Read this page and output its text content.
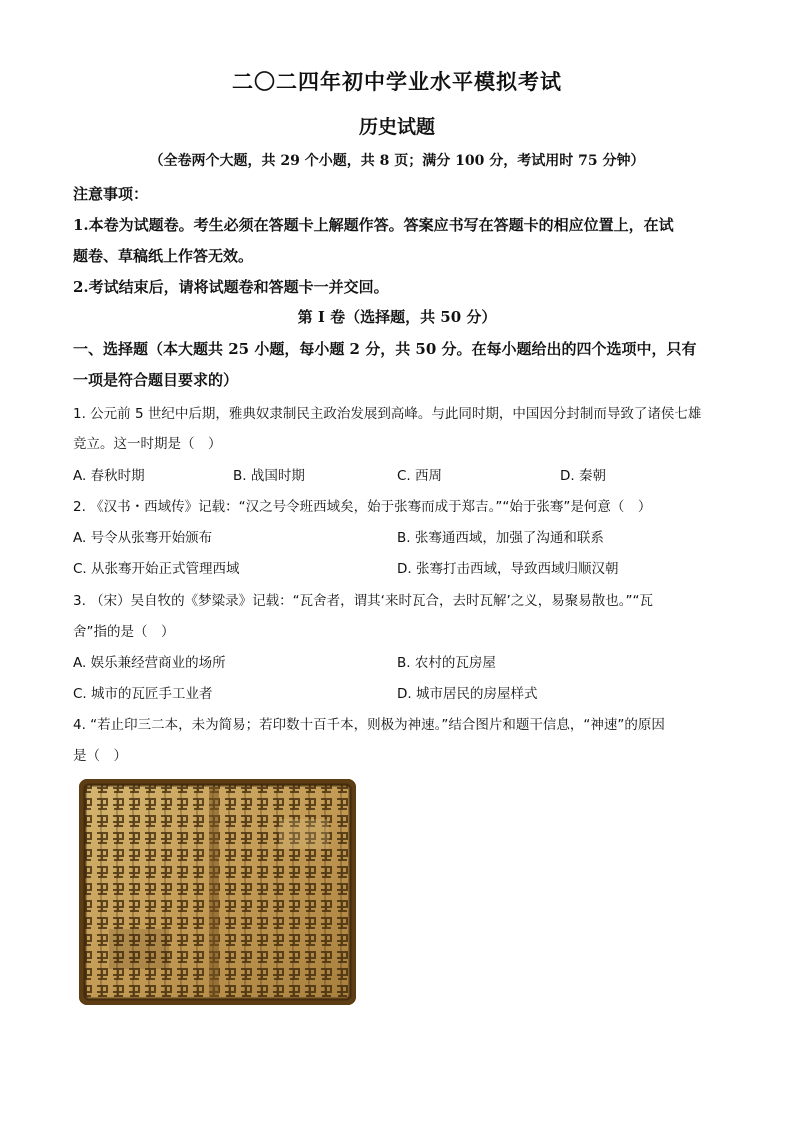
二〇二四年初中学业水平模拟考试
历史试题
（全卷两个大题，共 29 个小题，共 8 页；满分 100 分，考试用时 75 分钟）
注意事项：
1.本卷为试题卷。考生必须在答题卡上解题作答。答案应书写在答题卡的相应位置上，在试
题卷、草稿纸上作答无效。
2.考试结束后，请将试题卷和答题卡一并交回。
第 I 卷（选择题，共 50 分）
一、选择题（本大题共 25 小题，每小题 2 分，共 50 分。在每小题给出的四个选项中，只有
一项是符合题目要求的）
1. 公元前 5 世纪中后期，雅典奴隶制民主政治发展到高峰。与此同时期，中国因分封制而导致了诸侯七雄
竞立。这一时期是（　）
A. 春秋时期	B. 战国时期	C. 西周	D. 秦朝
2. 《汉书・西域传》记载：“汉之号令班西域矣，始于张骞而成于郑吉。”“始于张骞”是何意（　）
A. 号令从张骞开始颁布	B. 张骞通西域，加强了沟通和联系
C. 从张骞开始正式管理西域	D. 张骞打击西域，导致西域归顺汉朝
3. （宋）吴自牧的《梦粱录》记载：“瓦舍者，谓其‘来时瓦合，去时瓦解’之义，易聚易散也。”“瓦
舍”指的是（　）
A. 娱乐兼经营商业的场所	B. 农村的瓦房屋
C. 城市的瓦匠手工业者	D. 城市居民的房屋样式
4. “若止印三二本，未为简易；若印数十百千本，则极为神速。”结合图片和题干信息，“神速”的原因
是（　）
